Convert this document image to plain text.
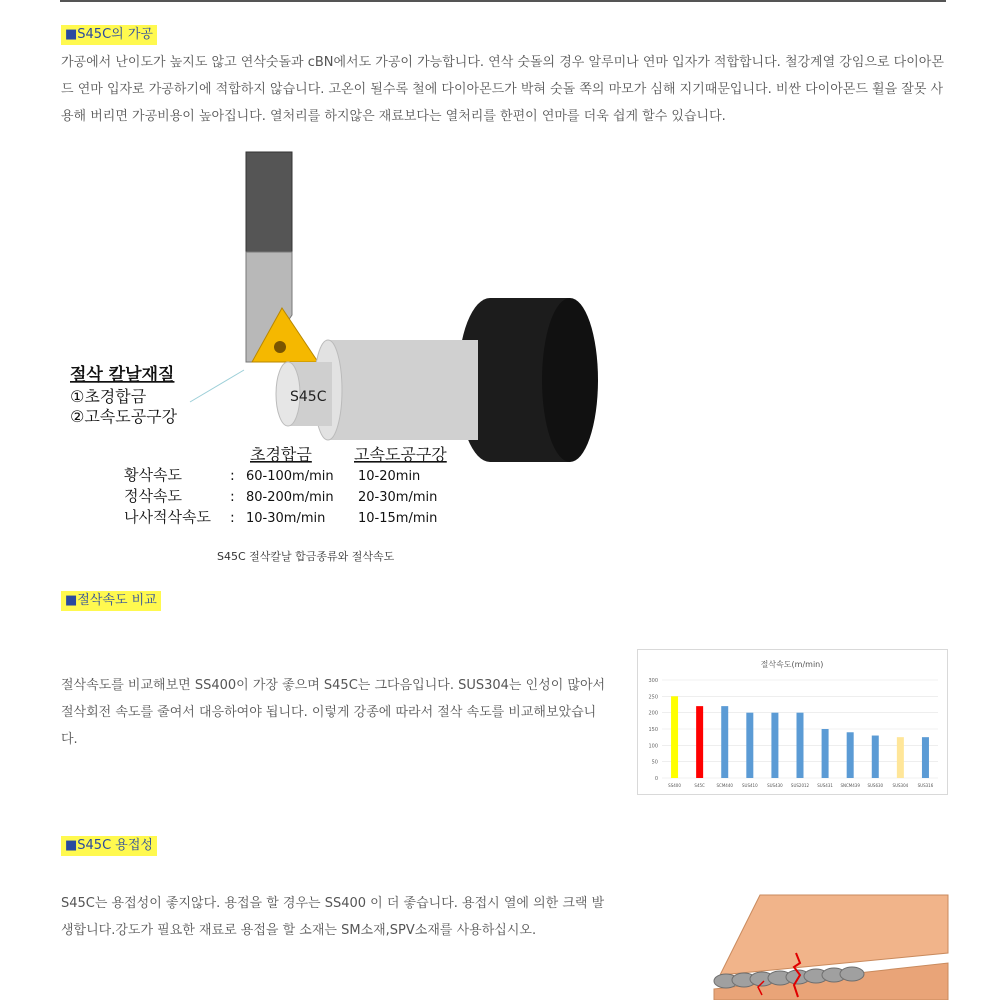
■S45C의 가공
가공에서 난이도가 높지도 않고 연삭숫돌과 cBN에서도 가공이 가능합니다. 연삭 숫돌의 경우 알루미나 연마 입자가 적합합니다. 철강계열 강임으로 다이아몬드 연마 입자로 가공하기에 적합하지 않습니다. 고온이 될수록 철에 다이아몬드가 박혀 숫돌 쪽의 마모가 심해 지기때문입니다. 비싼 다이아몬드 휠을 잘못 사용해 버리면 가공비용이 높아집니다. 열처리를 하지않은 재료보다는 열처리를 한편이 연마를 더욱 쉽게 할수 있습니다.
S45C
절삭 칼날재질
①초경합금
②고속도공구강
초경합금	고속도공구강
황삭속도	: 60-100m/min 10-20min
정삭속도	: 80-200m/min 20-30m/min
나사적삭속도 : 10-30m/min	10-15m/min
S45C 절삭칼날 합금종류와 절삭속도
■절삭속도 비교
절삭속도를 비교해보면 SS400이 가장 좋으며 S45C는 그다음입니다. SUS304는 인성이 많아서 절삭회전 속도를 줄여서 대응하여야 됩니다. 이렇게 강종에 따라서 절삭 속도를 비교해보았습니다.
절삭속도(m/min)
0
50
100
150
200
250
300
SS400	S45C	SCM440 SUS410 SUS430 SUS2012 SUS431 SNCM439 SUS630 SUS304 SUS316
■S45C 용접성
S45C는 용접성이 좋지않다. 용접을 할 경우는 SS400 이 더 좋습니다. 용접시 열에 의한 크랙 발생합니다.강도가 필요한 재료로 용접을 할 소재는 SM소재,SPV소재를 사용하십시오.
